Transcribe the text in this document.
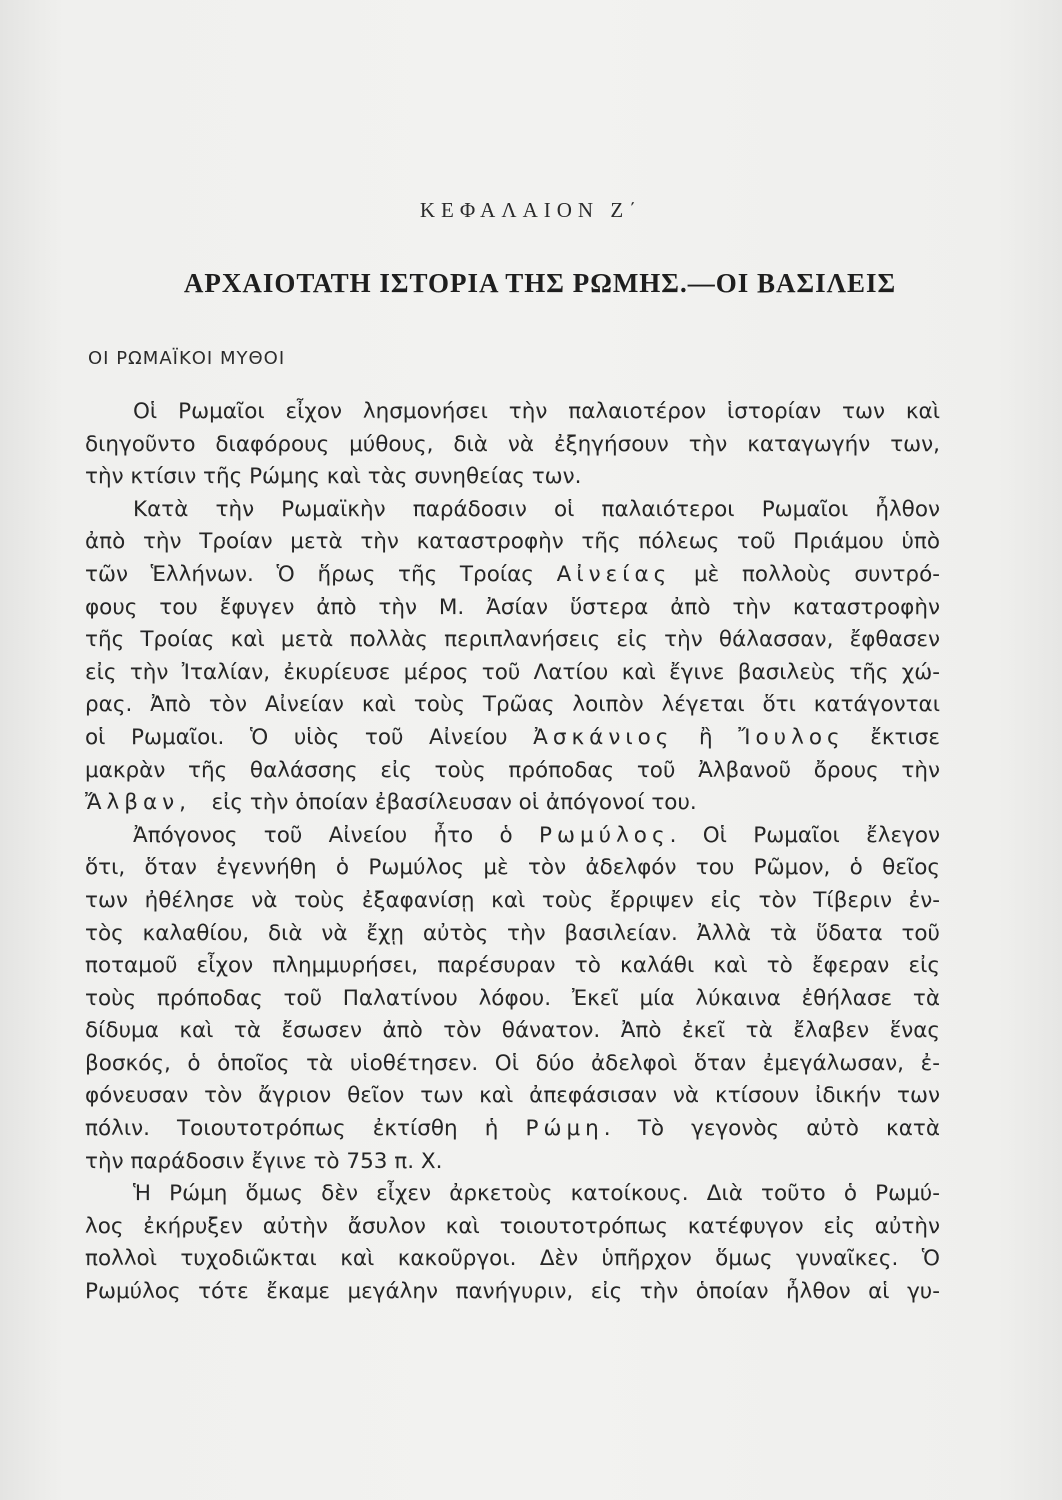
ΚΕΦΑΛΑΙΟΝ Ζ΄
ΑΡΧΑΙΟΤΑΤΗ ΙΣΤΟΡΙΑ ΤΗΣ ΡΩΜΗΣ.—ΟΙ ΒΑΣΙΛΕΙΣ
ΟΙ ΡΩΜΑΪΚΟΙ ΜΥΘΟΙ
Οἱ Ρωμαῖοι εἶχον λησμονήσει τὴν παλαιοτέρον ἱστορίαν των καὶ
διηγοῦντο διαφόρους μύθους, διὰ νὰ ἐξηγήσουν τὴν καταγωγήν των,
τὴν κτίσιν τῆς Ρώμης καὶ τὰς συνηθείας των.
Κατὰ τὴν Ρωμαϊκὴν παράδοσιν οἱ παλαιότεροι Ρωμαῖοι ἦλθον
ἀπὸ τὴν Τροίαν μετὰ τὴν καταστροφὴν τῆς πόλεως τοῦ Πριάμου ὑπὸ
τῶν Ἑλλήνων. Ὁ ἥρως τῆς Τροίας Αἰνείας μὲ πολλοὺς συντρό-
φους του ἔφυγεν ἀπὸ τὴν Μ. Ἀσίαν ὕστερα ἀπὸ τὴν καταστροφὴν
τῆς Τροίας καὶ μετὰ πολλὰς περιπλανήσεις εἰς τὴν θάλασσαν, ἔφθασεν
εἰς τὴν Ἰταλίαν, ἐκυρίευσε μέρος τοῦ Λατίου καὶ ἔγινε βασιλεὺς τῆς χώ-
ρας. Ἀπὸ τὸν Αἰνείαν καὶ τοὺς Τρῶας λοιπὸν λέγεται ὅτι κατάγονται
οἱ Ρωμαῖοι. Ὁ υἱὸς τοῦ Αἰνείου Ἀσκάνιος ἢ Ἴουλος ἔκτισε
μακρὰν τῆς θαλάσσης εἰς τοὺς πρόποδας τοῦ Ἀλβανοῦ ὄρους τὴν
Ἄλβαν, εἰς τὴν ὁποίαν ἐβασίλευσαν οἱ ἀπόγονοί του.
Ἀπόγονος τοῦ Αἰνείου ἦτο ὁ Ρωμύλος. Οἱ Ρωμαῖοι ἔλεγον
ὅτι, ὅταν ἐγεννήθη ὁ Ρωμύλος μὲ τὸν ἀδελφόν του Ρῶμον, ὁ θεῖος
των ἠθέλησε νὰ τοὺς ἐξαφανίσῃ καὶ τοὺς ἔρριψεν εἰς τὸν Τίβεριν ἐν-
τὸς καλαθίου, διὰ νὰ ἔχῃ αὐτὸς τὴν βασιλείαν. Ἀλλὰ τὰ ὕδατα τοῦ
ποταμοῦ εἶχον πλημμυρήσει, παρέσυραν τὸ καλάθι καὶ τὸ ἔφεραν εἰς
τοὺς πρόποδας τοῦ Παλατίνου λόφου. Ἐκεῖ μία λύκαινα ἐθήλασε τὰ
δίδυμα καὶ τὰ ἔσωσεν ἀπὸ τὸν θάνατον. Ἀπὸ ἐκεῖ τὰ ἔλαβεν ἕνας
βοσκός, ὁ ὁποῖος τὰ υἱοθέτησεν. Οἱ δύο ἀδελφοὶ ὅταν ἐμεγάλωσαν, ἐ-
φόνευσαν τὸν ἄγριον θεῖον των καὶ ἀπεφάσισαν νὰ κτίσουν ἰδικήν των
πόλιν. Τοιουτοτρόπως ἐκτίσθη ἡ Ρώμη. Τὸ γεγονὸς αὐτὸ κατὰ
τὴν παράδοσιν ἔγινε τὸ 753 π. Χ.
Ἡ Ρώμη ὅμως δὲν εἶχεν ἀρκετοὺς κατοίκους. Διὰ τοῦτο ὁ Ρωμύ-
λος ἐκήρυξεν αὐτὴν ἄσυλον καὶ τοιουτοτρόπως κατέφυγον εἰς αὐτὴν
πολλοὶ τυχοδιῶκται καὶ κακοῦργοι. Δὲν ὑπῆρχον ὅμως γυναῖκες. Ὁ
Ρωμύλος τότε ἔκαμε μεγάλην πανήγυριν, εἰς τὴν ὁποίαν ἦλθον αἱ γυ-
